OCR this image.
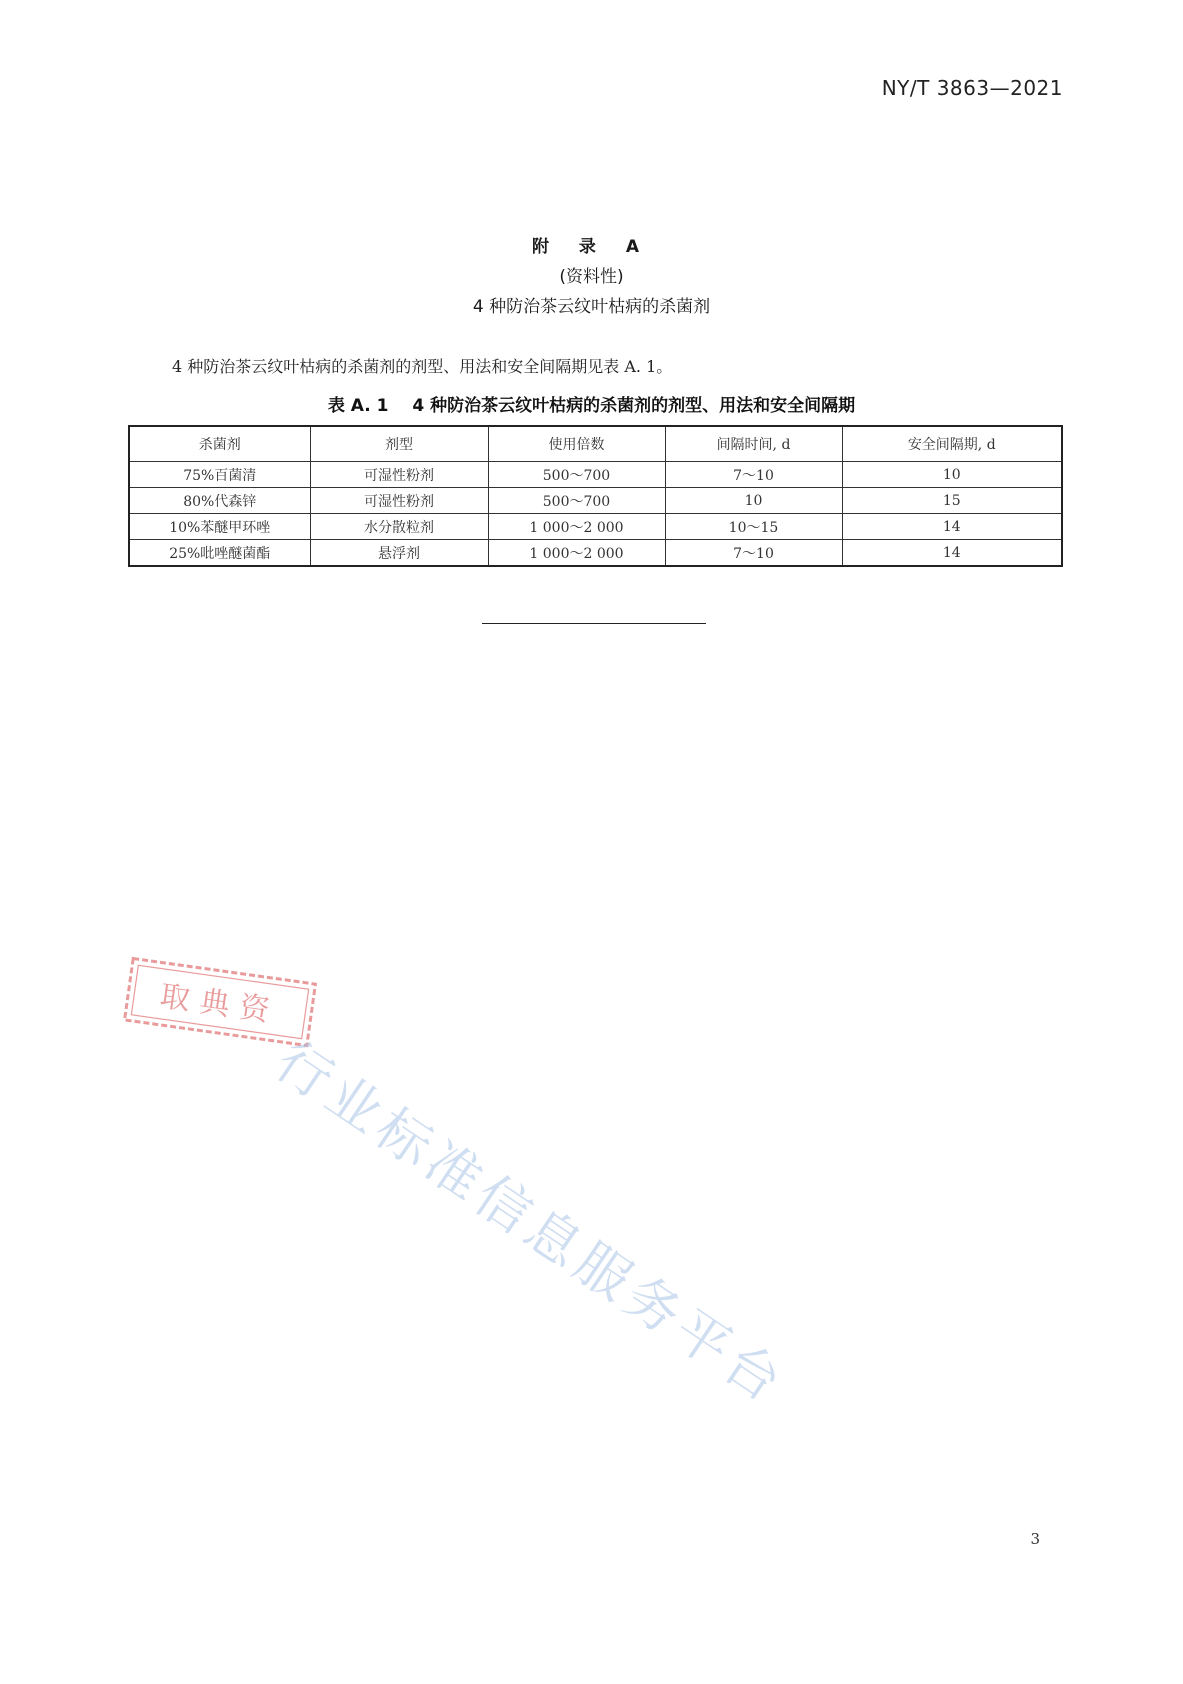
NY/T 3863—2021
附 录 A
(资料性)
4 种防治茶云纹叶枯病的杀菌剂
4 种防治茶云纹叶枯病的杀菌剂的剂型、用法和安全间隔期见表 A. 1。
表 A. 1 4 种防治茶云纹叶枯病的杀菌剂的剂型、用法和安全间隔期
杀菌剂	剂型	使用倍数	间隔时间, d	安全间隔期, d
75%百菌清	可湿性粉剂	500～700	7～10	10
80%代森锌	可湿性粉剂	500～700	10	15
10%苯醚甲环唑	水分散粒剂	1 000～2 000	10～15	14
25%吡唑醚菌酯	悬浮剂	1 000～2 000	7～10	14
取典资
行业标准信息服务平台
3
